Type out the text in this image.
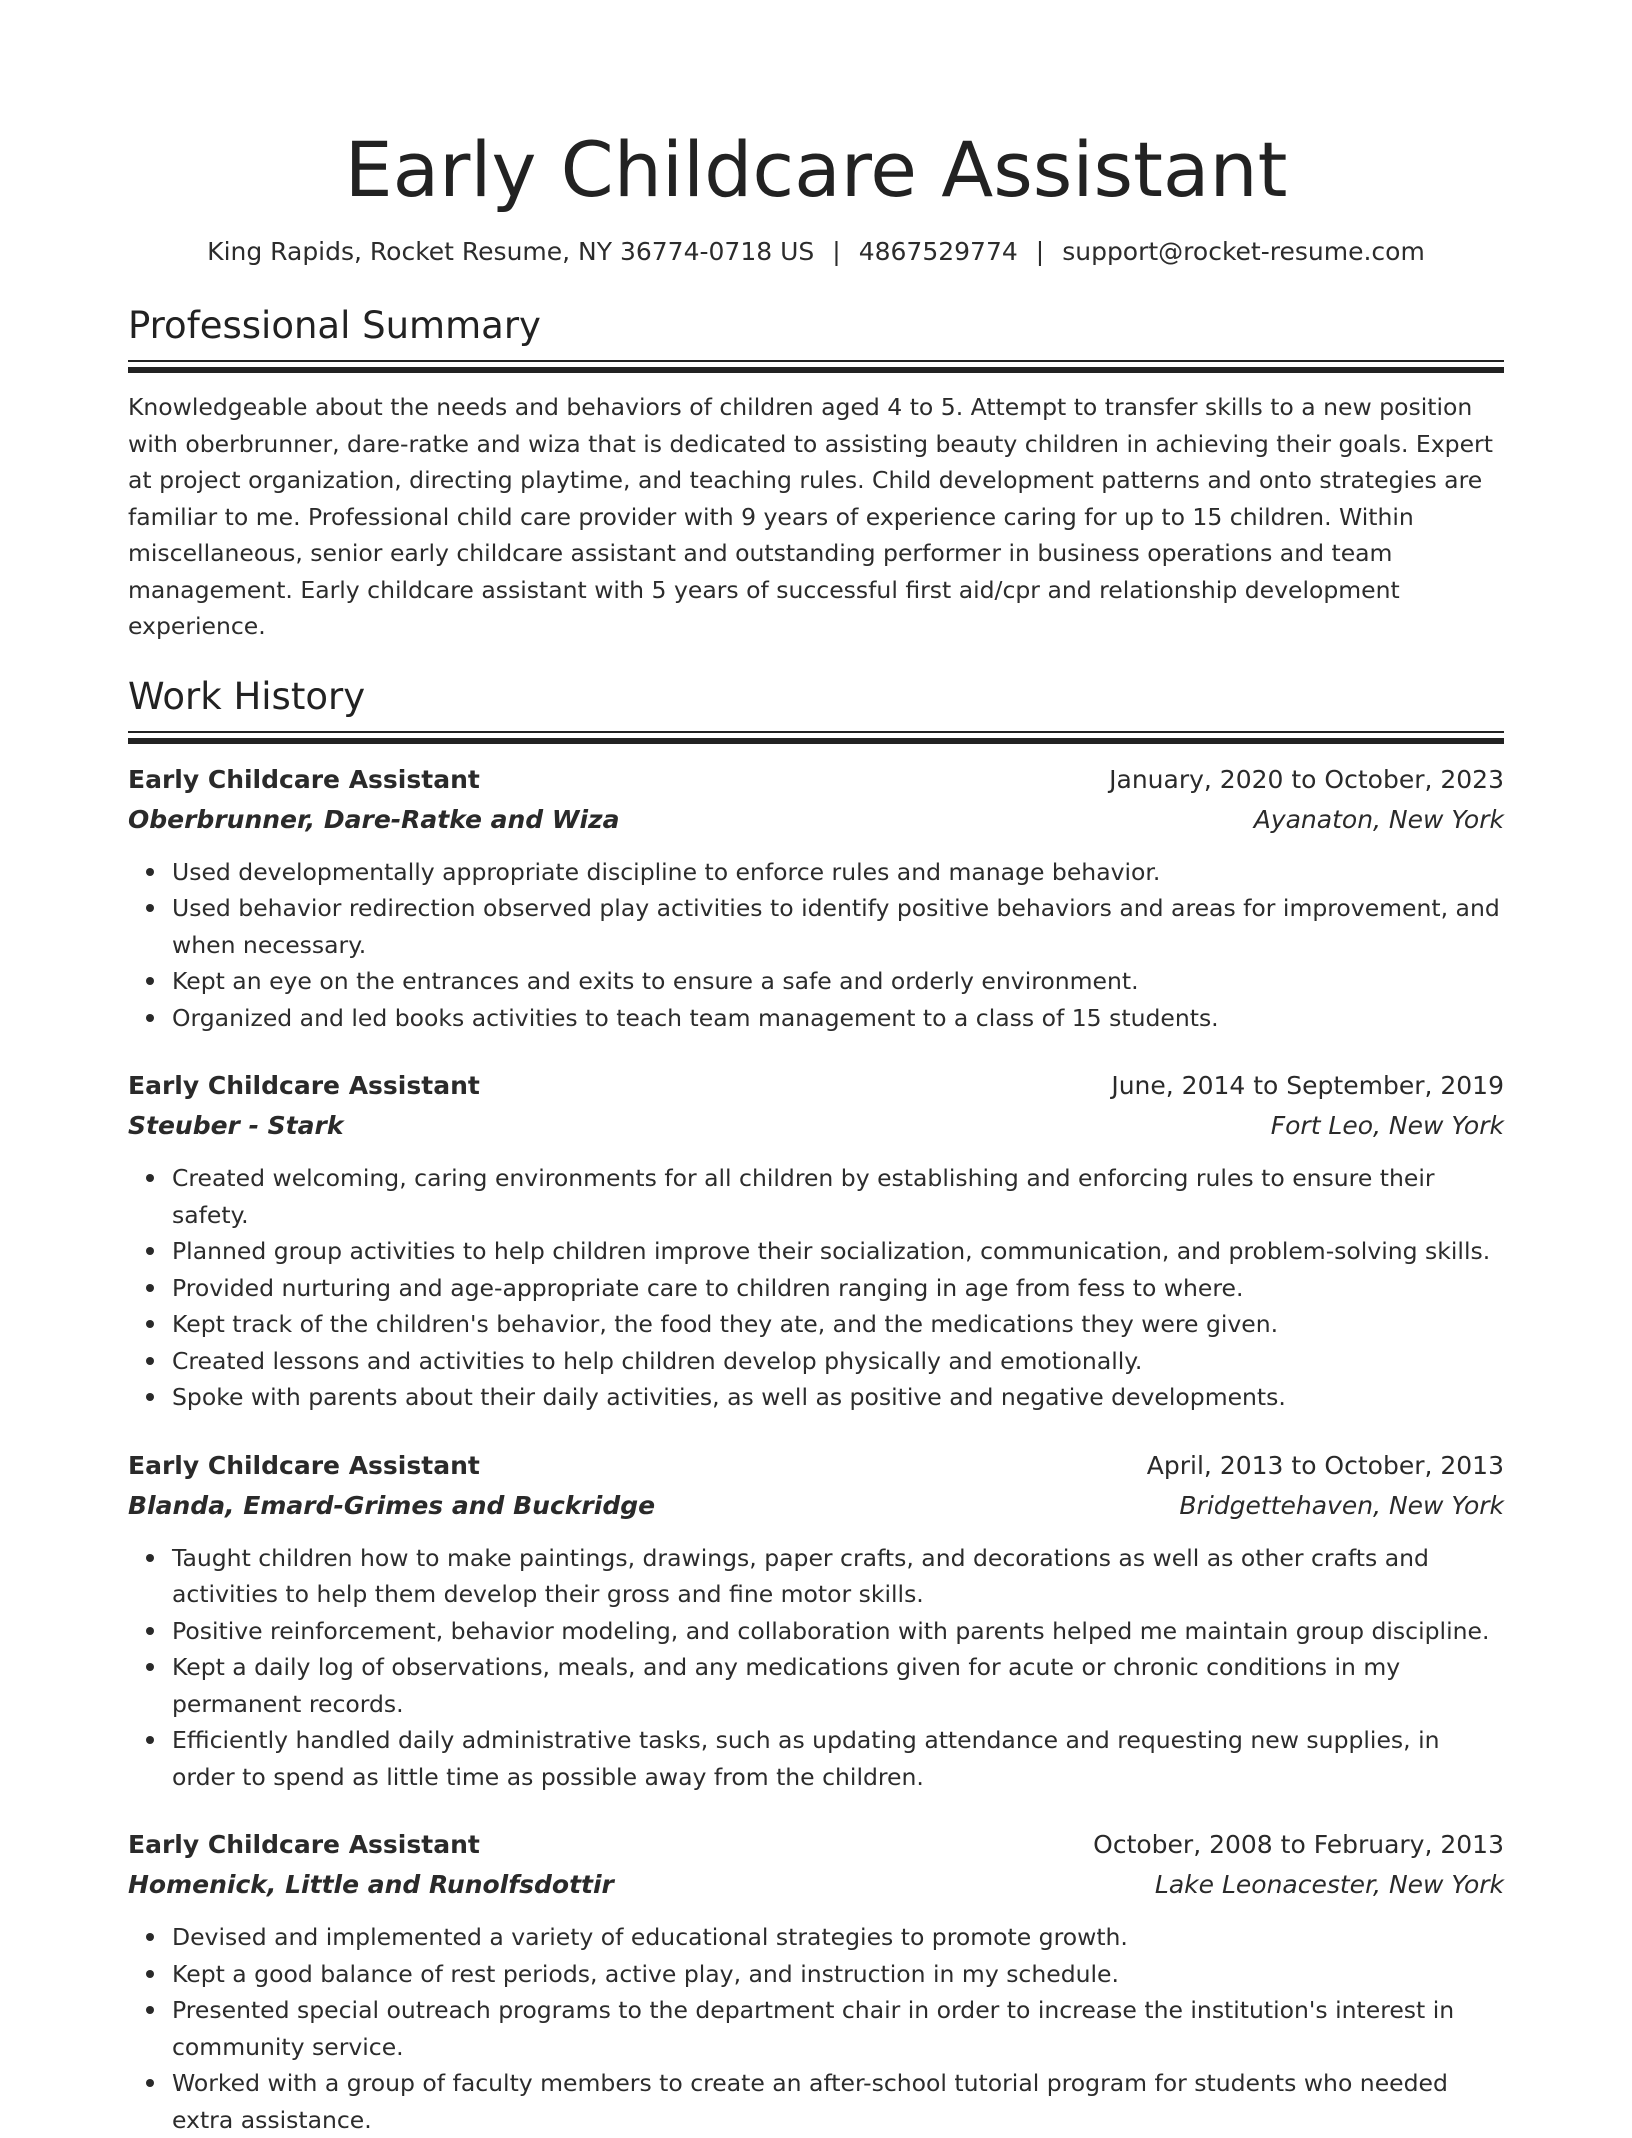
Early Childcare Assistant
King Rapids, Rocket Resume, NY 36774-0718 US | 4867529774 | support@rocket-resume.com
Professional Summary

Knowledgeable about the needs and behaviors of children aged 4 to 5. Attempt to transfer skills to a new position with oberbrunner, dare-ratke and wiza that is dedicated to assisting beauty children in achieving their goals. Expert at project organization, directing playtime, and teaching rules. Child development patterns and onto strategies are familiar to me. Professional child care provider with 9 years of experience caring for up to 15 children. Within miscellaneous, senior early childcare assistant and outstanding performer in business operations and team management. Early childcare assistant with 5 years of successful first aid/cpr and relationship development experience.

Work History
Early Childcare Assistant	January, 2020 to October, 2023
Oberbrunner, Dare-Ratke and Wiza	Ayanaton, New York
Used developmentally appropriate discipline to enforce rules and manage behavior.
Used behavior redirection observed play activities to identify positive behaviors and areas for improvement, and when necessary.
Kept an eye on the entrances and exits to ensure a safe and orderly environment.
Organized and led books activities to teach team management to a class of 15 students.
Early Childcare Assistant	June, 2014 to September, 2019
Steuber - Stark	Fort Leo, New York
Created welcoming, caring environments for all children by establishing and enforcing rules to ensure their safety.
Planned group activities to help children improve their socialization, communication, and problem-solving skills.
Provided nurturing and age-appropriate care to children ranging in age from fess to where.
Kept track of the children's behavior, the food they ate, and the medications they were given.
Created lessons and activities to help children develop physically and emotionally.
Spoke with parents about their daily activities, as well as positive and negative developments.
Early Childcare Assistant	April, 2013 to October, 2013
Blanda, Emard-Grimes and Buckridge	Bridgettehaven, New York
Taught children how to make paintings, drawings, paper crafts, and decorations as well as other crafts and activities to help them develop their gross and fine motor skills.
Positive reinforcement, behavior modeling, and collaboration with parents helped me maintain group discipline.
Kept a daily log of observations, meals, and any medications given for acute or chronic conditions in my permanent records.
Efficiently handled daily administrative tasks, such as updating attendance and requesting new supplies, in order to spend as little time as possible away from the children.
Early Childcare Assistant	October, 2008 to February, 2013
Homenick, Little and Runolfsdottir	Lake Leonacester, New York
Devised and implemented a variety of educational strategies to promote growth.
Kept a good balance of rest periods, active play, and instruction in my schedule.
Presented special outreach programs to the department chair in order to increase the institution's interest in community service.
Worked with a group of faculty members to create an after-school tutorial program for students who needed extra assistance.
